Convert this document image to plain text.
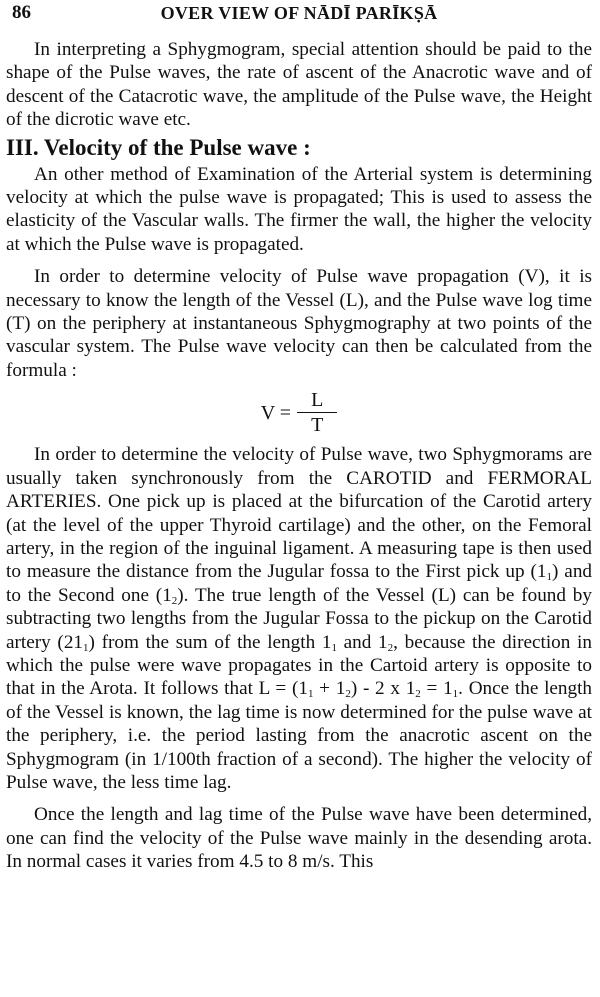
86	OVER VIEW OF NĀDĪ PARĪKṢĀ

In interpreting a Sphygmogram, special attention should be paid to the shape of the Pulse waves, the rate of ascent of the Anacrotic wave and of descent of the Catacrotic wave, the amplitude of the Pulse wave, the Height of the dicrotic wave etc.

III. Velocity of the Pulse wave :

An other method of Examination of the Arterial system is determining velocity at which the pulse wave is propagated; This is used to assess the elasticity of the Vascular walls. The firmer the wall, the higher the velocity at which the Pulse wave is propagated.

In order to determine velocity of Pulse wave propagation (V), it is necessary to know the length of the Vessel (L), and the Pulse wave log time (T) on the periphery at instantaneous Sphygmography at two points of the vascular system. The Pulse wave velocity can then be calculated from the formula :

$V = \frac{L}{T}$

In order to determine the velocity of Pulse wave, two Sphygmorams are usually taken synchronously from the CAROTID and FERMORAL ARTERIES. One pick up is placed at the bifurcation of the Carotid artery (at the level of the upper Thyroid cartilage) and the other, on the Femoral artery, in the region of the inguinal ligament. A measuring tape is then used to measure the distance from the Jugular fossa to the First pick up $(1_1)$ and to the Second one $(1_2)$. The true length of the Vessel (L) can be found by subtracting two lengths from the Jugular Fossa to the pickup on the Carotid artery $(21_1)$ from the sum of the length $1_1$ and $1_2$, because the direction in which the pulse were wave propagates in the Cartoid artery is opposite to that in the Arota. It follows that $L = (1_1 + 1_2) - 2$ x $1_2 = 1_1$. Once the length of the Vessel is known, the lag time is now determined for the pulse wave at the periphery, i.e. the period lasting from the anacrotic ascent on the Sphygmogram (in 1/100th fraction of a second). The higher the velocity of Pulse wave, the less time lag.

Once the length and lag time of the Pulse wave have been determined, one can find the velocity of the Pulse wave mainly in the desending arota. In normal cases it varies from 4.5 to 8 m/s. This
